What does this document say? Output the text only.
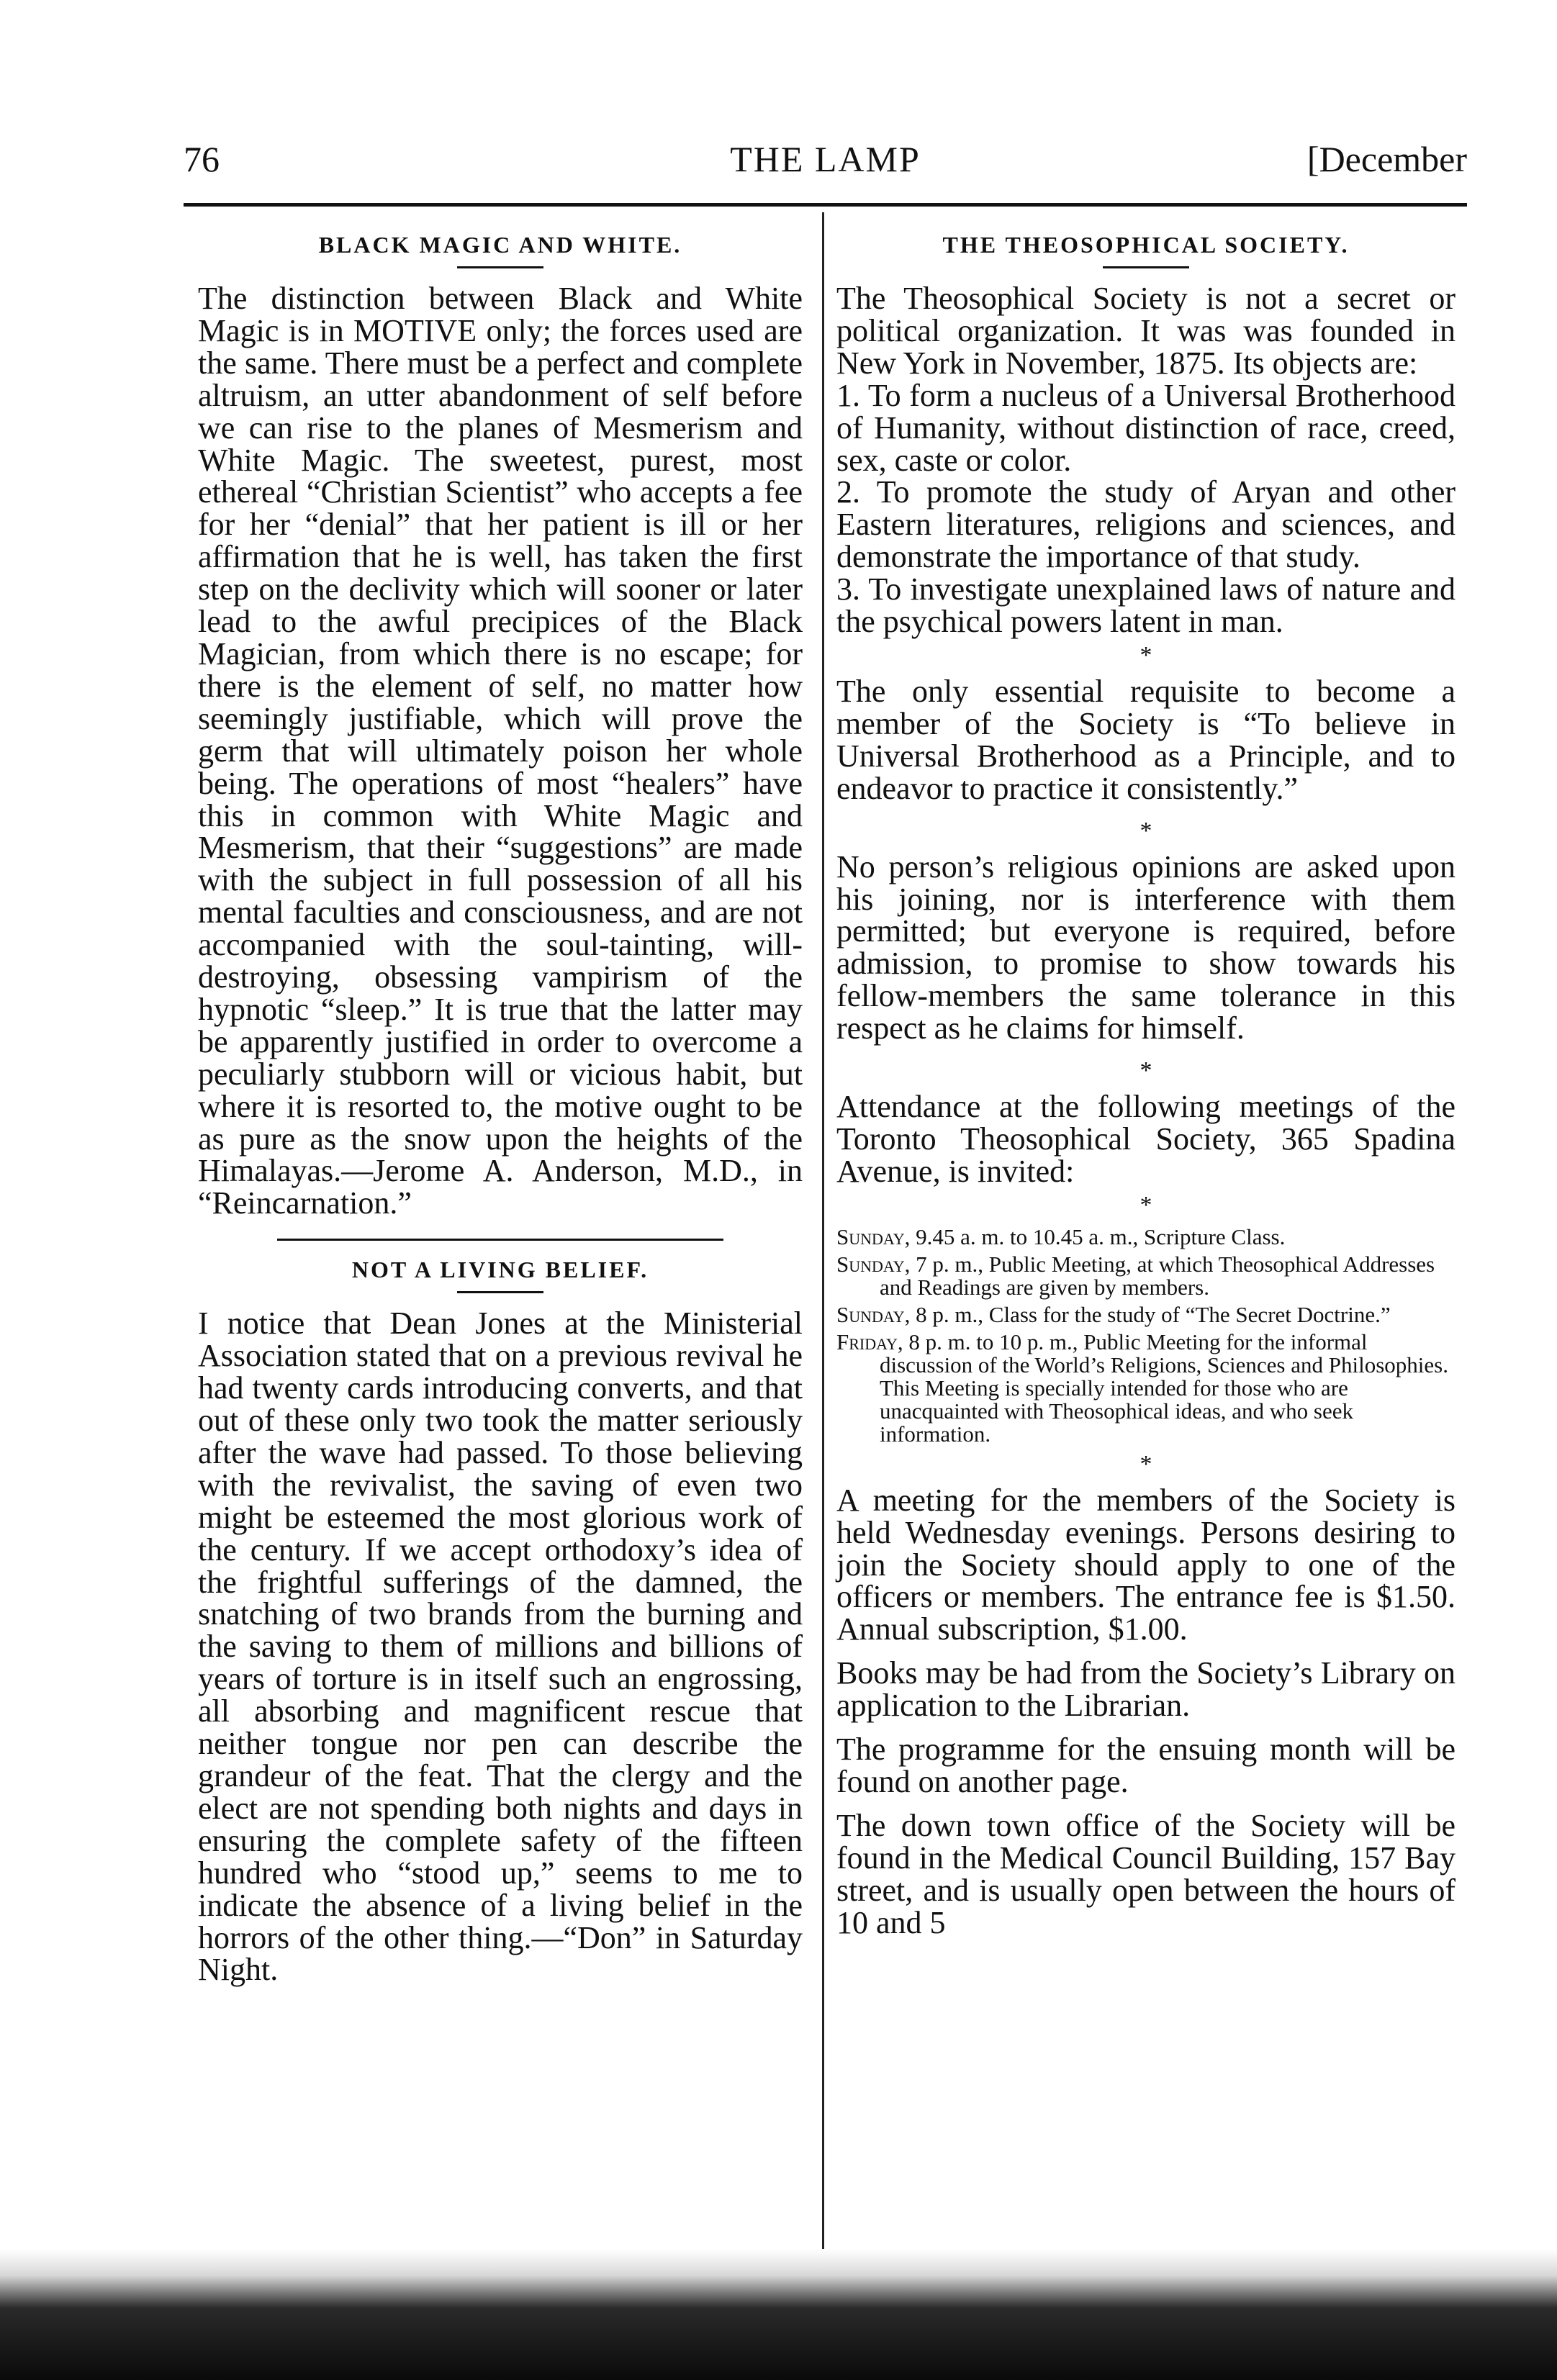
76	THE LAMP	[December
BLACK MAGIC AND WHITE.

The distinction between Black and White Magic is in MOTIVE only; the forces used are the same. There must be a perfect and complete altruism, an utter abandonment of self before we can rise to the planes of Mesmerism and White Magic. The sweetest, purest, most ethereal “Christian Scientist” who accepts a fee for her “denial” that her patient is ill or her affirmation that he is well, has taken the first step on the declivity which will sooner or later lead to the awful precipices of the Black Magician, from which there is no escape; for there is the element of self, no matter how seemingly justifiable, which will prove the germ that will ultimately poison her whole being. The operations of most “healers” have this in common with White Magic and Mesmerism, that their “suggestions” are made with the subject in full possession of all his mental faculties and consciousness, and are not accompanied with the soul-tainting, will-destroying, obsessing vampirism of the hypnotic “sleep.” It is true that the latter may be apparently justified in order to overcome a peculiarly stubborn will or vicious habit, but where it is resorted to, the motive ought to be as pure as the snow upon the heights of the Himalayas.—Jerome A. Anderson, M.D., in “Reincarnation.”

NOT A LIVING BELIEF.

I notice that Dean Jones at the Ministerial Association stated that on a previous revival he had twenty cards introducing converts, and that out of these only two took the matter seriously after the wave had passed. To those believing with the revivalist, the saving of even two might be esteemed the most glorious work of the century. If we accept orthodoxy’s idea of the frightful sufferings of the damned, the snatching of two brands from the burning and the saving to them of millions and billions of years of torture is in itself such an engrossing, all absorbing and magnificent rescue that neither tongue nor pen can describe the grandeur of the feat. That the clergy and the elect are not spending both nights and days in ensuring the complete safety of the fifteen hundred who “stood up,” seems to me to indicate the absence of a living belief in the horrors of the other thing.—“Don” in Saturday Night.

THE THEOSOPHICAL SOCIETY.

The Theosophical Society is not a secret or political organization. It was was founded in New York in November, 1875. Its objects are:

1. To form a nucleus of a Universal Brotherhood of Humanity, without distinction of race, creed, sex, caste or color.

2. To promote the study of Aryan and other Eastern literatures, religions and sciences, and demonstrate the importance of that study.

3. To investigate unexplained laws of nature and the psychical powers latent in man.

*

The only essential requisite to become a member of the Society is “To believe in Universal Brotherhood as a Principle, and to endeavor to practice it consistently.”

*

No person’s religious opinions are asked upon his joining, nor is interference with them permitted; but everyone is required, before admission, to promise to show towards his fellow-members the same tolerance in this respect as he claims for himself.

*

Attendance at the following meetings of the Toronto Theosophical Society, 365 Spadina Avenue, is invited:

*

Sunday, 9.45 a. m. to 10.45 a. m., Scripture Class.

Sunday, 7 p. m., Public Meeting, at which Theosophical Addresses and Readings are given by members.

Sunday, 8 p. m., Class for the study of “The Secret Doctrine.”

Friday, 8 p. m. to 10 p. m., Public Meeting for the informal discussion of the World’s Religions, Sciences and Philosophies. This Meeting is specially intended for those who are unacquainted with Theosophical ideas, and who seek information.

*

A meeting for the members of the Society is held Wednesday evenings. Persons desiring to join the Society should apply to one of the officers or members. The entrance fee is $1.50. Annual subscription, $1.00.

Books may be had from the Society’s Library on application to the Librarian.

The programme for the ensuing month will be found on another page.

The down town office of the Society will be found in the Medical Council Building, 157 Bay street, and is usually open between the hours of 10 and 5
